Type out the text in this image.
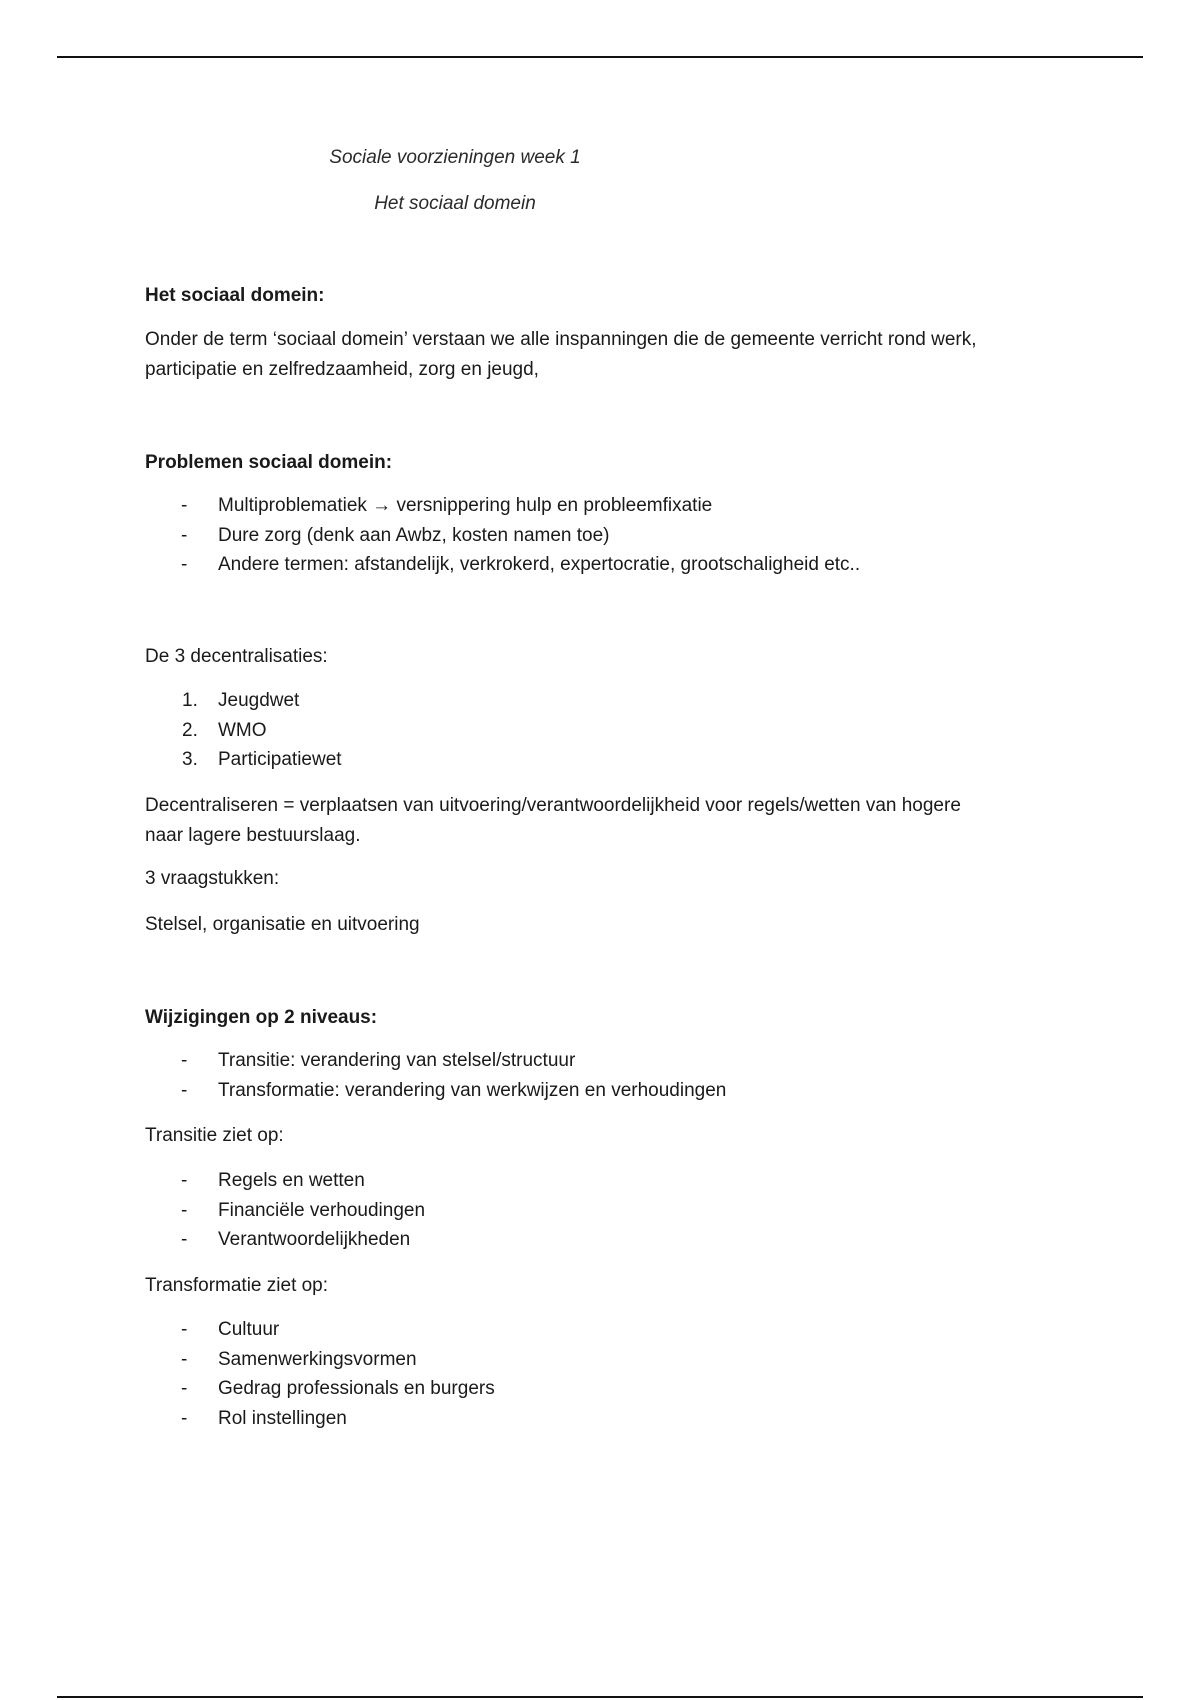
Sociale voorzieningen week 1
Het sociaal domein
Het sociaal domein:
Onder de term ‘sociaal domein’ verstaan we alle inspanningen die de gemeente verricht rond werk,
participatie en zelfredzaamheid, zorg en jeugd,
Problemen sociaal domein:
- Multiproblematiek → versnippering hulp en probleemfixatie
- Dure zorg (denk aan Awbz, kosten namen toe)
- Andere termen: afstandelijk, verkrokerd, expertocratie, grootschaligheid etc..
De 3 decentralisaties:
1. Jeugdwet
2. WMO
3. Participatiewet
Decentraliseren = verplaatsen van uitvoering/verantwoordelijkheid voor regels/wetten van hogere
naar lagere bestuurslaag.
3 vraagstukken:
Stelsel, organisatie en uitvoering
Wijzigingen op 2 niveaus:
- Transitie: verandering van stelsel/structuur
- Transformatie: verandering van werkwijzen en verhoudingen
Transitie ziet op:
- Regels en wetten
- Financiële verhoudingen
- Verantwoordelijkheden
Transformatie ziet op:
- Cultuur
- Samenwerkingsvormen
- Gedrag professionals en burgers
- Rol instellingen
